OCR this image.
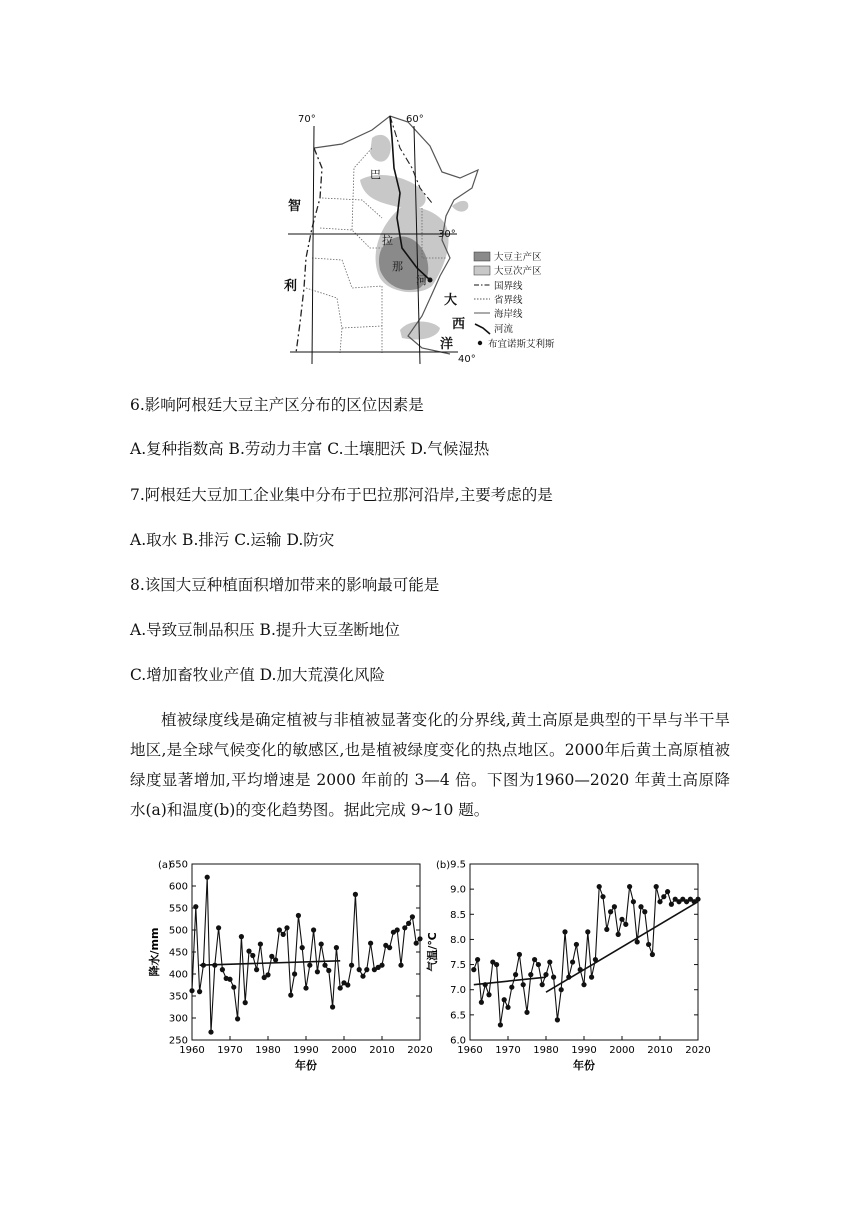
70°	60°
30°
40°
智
利
大
西
洋
巴
拉
那
河
大豆主产区
大豆次产区
国界线
省界线
海岸线
河流
布宜诺斯艾利斯
6.影响阿根廷大豆主产区分布的区位因素是
A.复种指数高 B.劳动力丰富 C.土壤肥沃 D.气候湿热
7.阿根廷大豆加工企业集中分布于巴拉那河沿岸,主要考虑的是
A.取水 B.排污 C.运输 D.防灾
8.该国大豆种植面积增加带来的影响最可能是
A.导致豆制品积压 B.提升大豆垄断地位
C.增加畜牧业产值 D.加大荒漠化风险

植被绿度线是确定植被与非植被显著变化的分界线,黄土高原是典型的干旱与半干旱地区,是全球气候变化的敏感区,也是植被绿度变化的热点地区。2000年后黄土高原植被绿度显著增加,平均增速是 2000 年前的 3—4 倍。下图为1960—2020 年黄土高原降水(a)和温度(b)的变化趋势图。据此完成 9~10 题。

(a)
250
300
350
400
450
500
550
600
650
1960 1970 1980 1990 2000 2010 2020
年份
降水/mm
(b)
6.0
6.5
7.0
7.5
8.0
8.5
9.0
9.5
1960 1970 1980 1990 2000 2010 2020
年份
气温/℃
